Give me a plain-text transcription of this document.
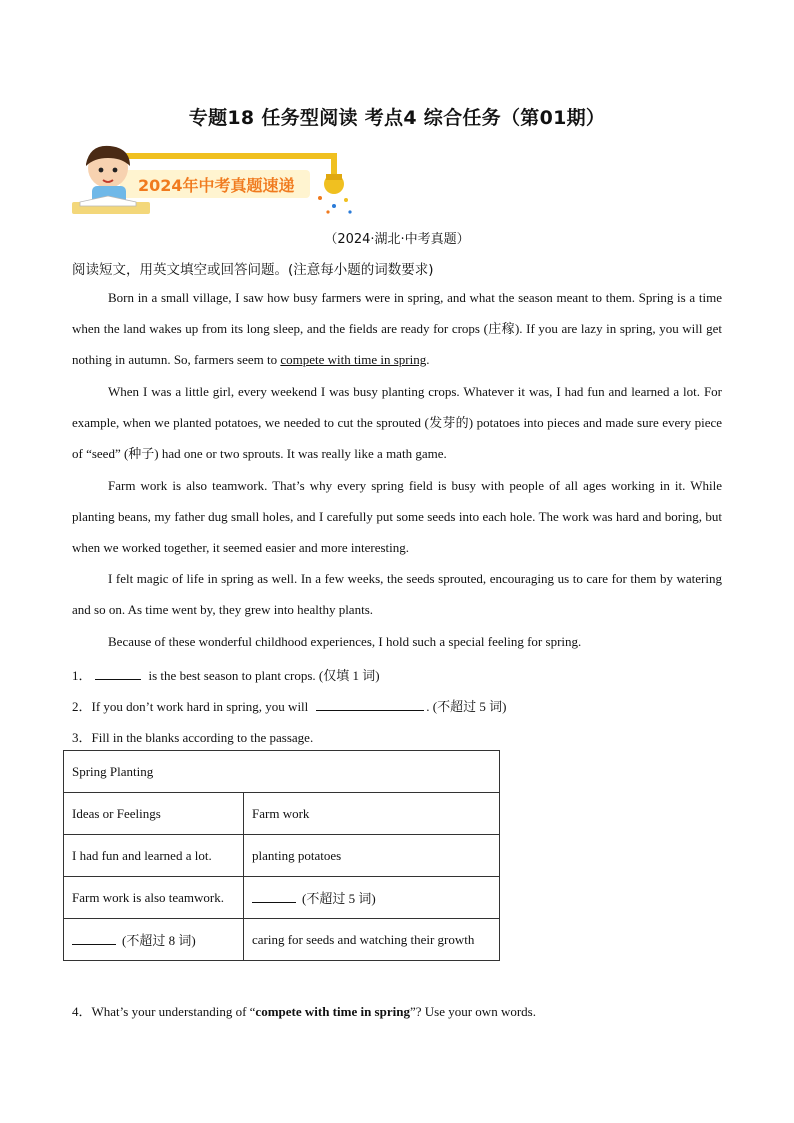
专题18 任务型阅读 考点4 综合任务（第01期）
2024年中考真题速递
（2024·湖北·中考真题）
阅读短文，用英文填空或回答问题。(注意每小题的词数要求)
Born in a small village, I saw how busy farmers were in spring, and what the season meant to them. Spring is a time when the land wakes up from its long sleep, and the fields are ready for crops (庄稼). If you are lazy in spring, you will get nothing in autumn. So, farmers seem to compete with time in spring.
When I was a little girl, every weekend I was busy planting crops. Whatever it was, I had fun and learned a lot. For example, when we planted potatoes, we needed to cut the sprouted (发芽的) potatoes into pieces and made sure every piece of “seed” (种子) had one or two sprouts. It was really like a math game.
Farm work is also teamwork. That’s why every spring field is busy with people of all ages working in it. While planting beans, my father dug small holes, and I carefully put some seeds into each hole. The work was hard and boring, but when we worked together, it seemed easier and more interesting.
I felt magic of life in spring as well. In a few weeks, the seeds sprouted, encouraging us to care for them by watering and so on. As time went by, they grew into healthy plants.
Because of these wonderful childhood experiences, I hold such a special feeling for spring.
1．	is the best season to plant crops. (仅填 1 词)
2．If you don’t work hard in spring, you will	. (不超过 5 词)
3．Fill in the blanks according to the passage.
Spring Planting	
Ideas or Feelings	Farm work
I had fun and learned a lot.	planting potatoes
Farm work is also teamwork.	(不超过 5 词)
(不超过 8 词)	caring for seeds and watching their growth
4．What’s your understanding of “compete with time in spring”? Use your own words.
